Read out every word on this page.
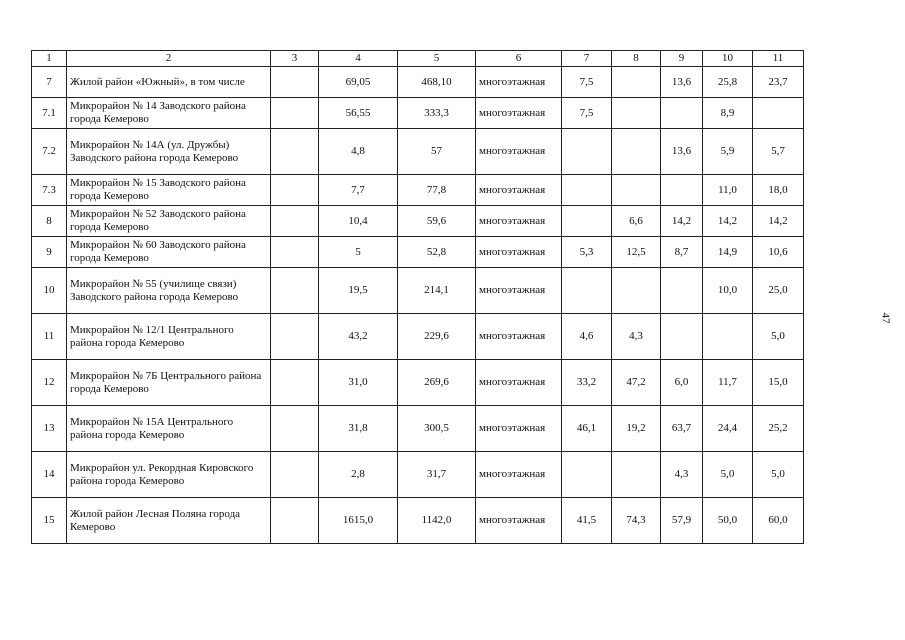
1	2	3	4	5	6	7	8	9	10	11
7	Жилой район «Южный», в том числе		69,05	468,10	многоэтажная	7,5		13,6	25,8	23,7
7.1	Микрорайон № 14 Заводского района города Кемерово		56,55	333,3	многоэтажная	7,5			8,9	
7.2	Микрорайон № 14А (ул. Дружбы) Заводского района города Кемерово		4,8	57	многоэтажная			13,6	5,9	5,7
7.3	Микрорайон № 15 Заводского района города Кемерово		7,7	77,8	многоэтажная				11,0	18,0
8	Микрорайон № 52 Заводского района города Кемерово		10,4	59,6	многоэтажная		6,6	14,2	14,2	14,2
9	Микрорайон № 60 Заводского района города Кемерово		5	52,8	многоэтажная	5,3	12,5	8,7	14,9	10,6
10	Микрорайон № 55 (училище связи) Заводского района города Кемерово		19,5	214,1	многоэтажная				10,0	25,0
11	Микрорайон № 12/1 Центрального района города Кемерово		43,2	229,6	многоэтажная	4,6	4,3			5,0
12	Микрорайон № 7Б Центрального района города Кемерово		31,0	269,6	многоэтажная	33,2	47,2	6,0	11,7	15,0
13	Микрорайон № 15А Центрального района города Кемерово		31,8	300,5	многоэтажная	46,1	19,2	63,7	24,4	25,2
14	Микрорайон ул. Рекордная Кировского района города Кемерово		2,8	31,7	многоэтажная			4,3	5,0	5,0
15	Жилой район Лесная Поляна города Кемерово		1615,0	1142,0	многоэтажная	41,5	74,3	57,9	50,0	60,0
47
